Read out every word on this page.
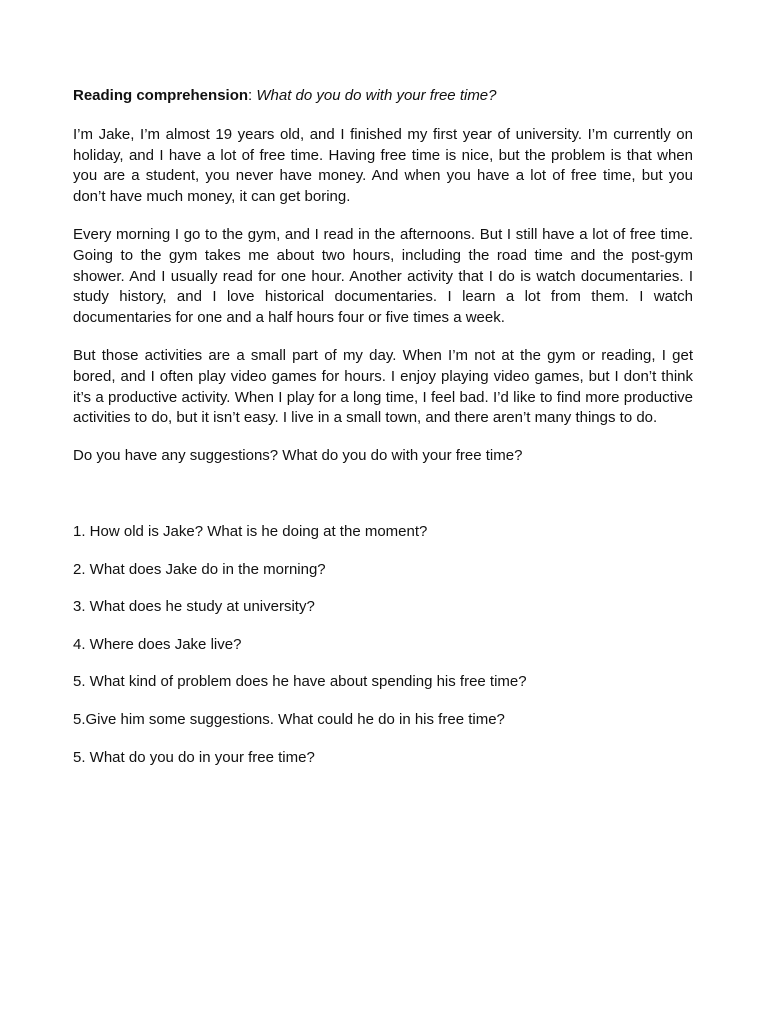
Reading comprehension: What do you do with your free time?

I’m Jake, I’m almost 19 years old, and I finished my first year of university. I’m currently on holiday, and I have a lot of free time. Having free time is nice, but the problem is that when you are a student, you never have money. And when you have a lot of free time, but you don’t have much money, it can get boring.

Every morning I go to the gym, and I read in the afternoons. But I still have a lot of free time. Going to the gym takes me about two hours, including the road time and the post-gym shower. And I usually read for one hour. Another activity that I do is watch documentaries. I study history, and I love historical documentaries. I learn a lot from them. I watch documentaries for one and a half hours four or five times a week.

But those activities are a small part of my day. When I’m not at the gym or reading, I get bored, and I often play video games for hours. I enjoy playing video games, but I don’t think it’s a productive activity. When I play for a long time, I feel bad. I’d like to find more productive activities to do, but it isn’t easy. I live in a small town, and there aren’t many things to do.

Do you have any suggestions? What do you do with your free time?

1. How old is Jake? What is he doing at the moment?
2. What does Jake do in the morning?
3. What does he study at university?
4. Where does Jake live?
5. What kind of problem does he have about spending his free time?
5.Give him some suggestions. What could he do in his free time?
5. What do you do in your free time?
